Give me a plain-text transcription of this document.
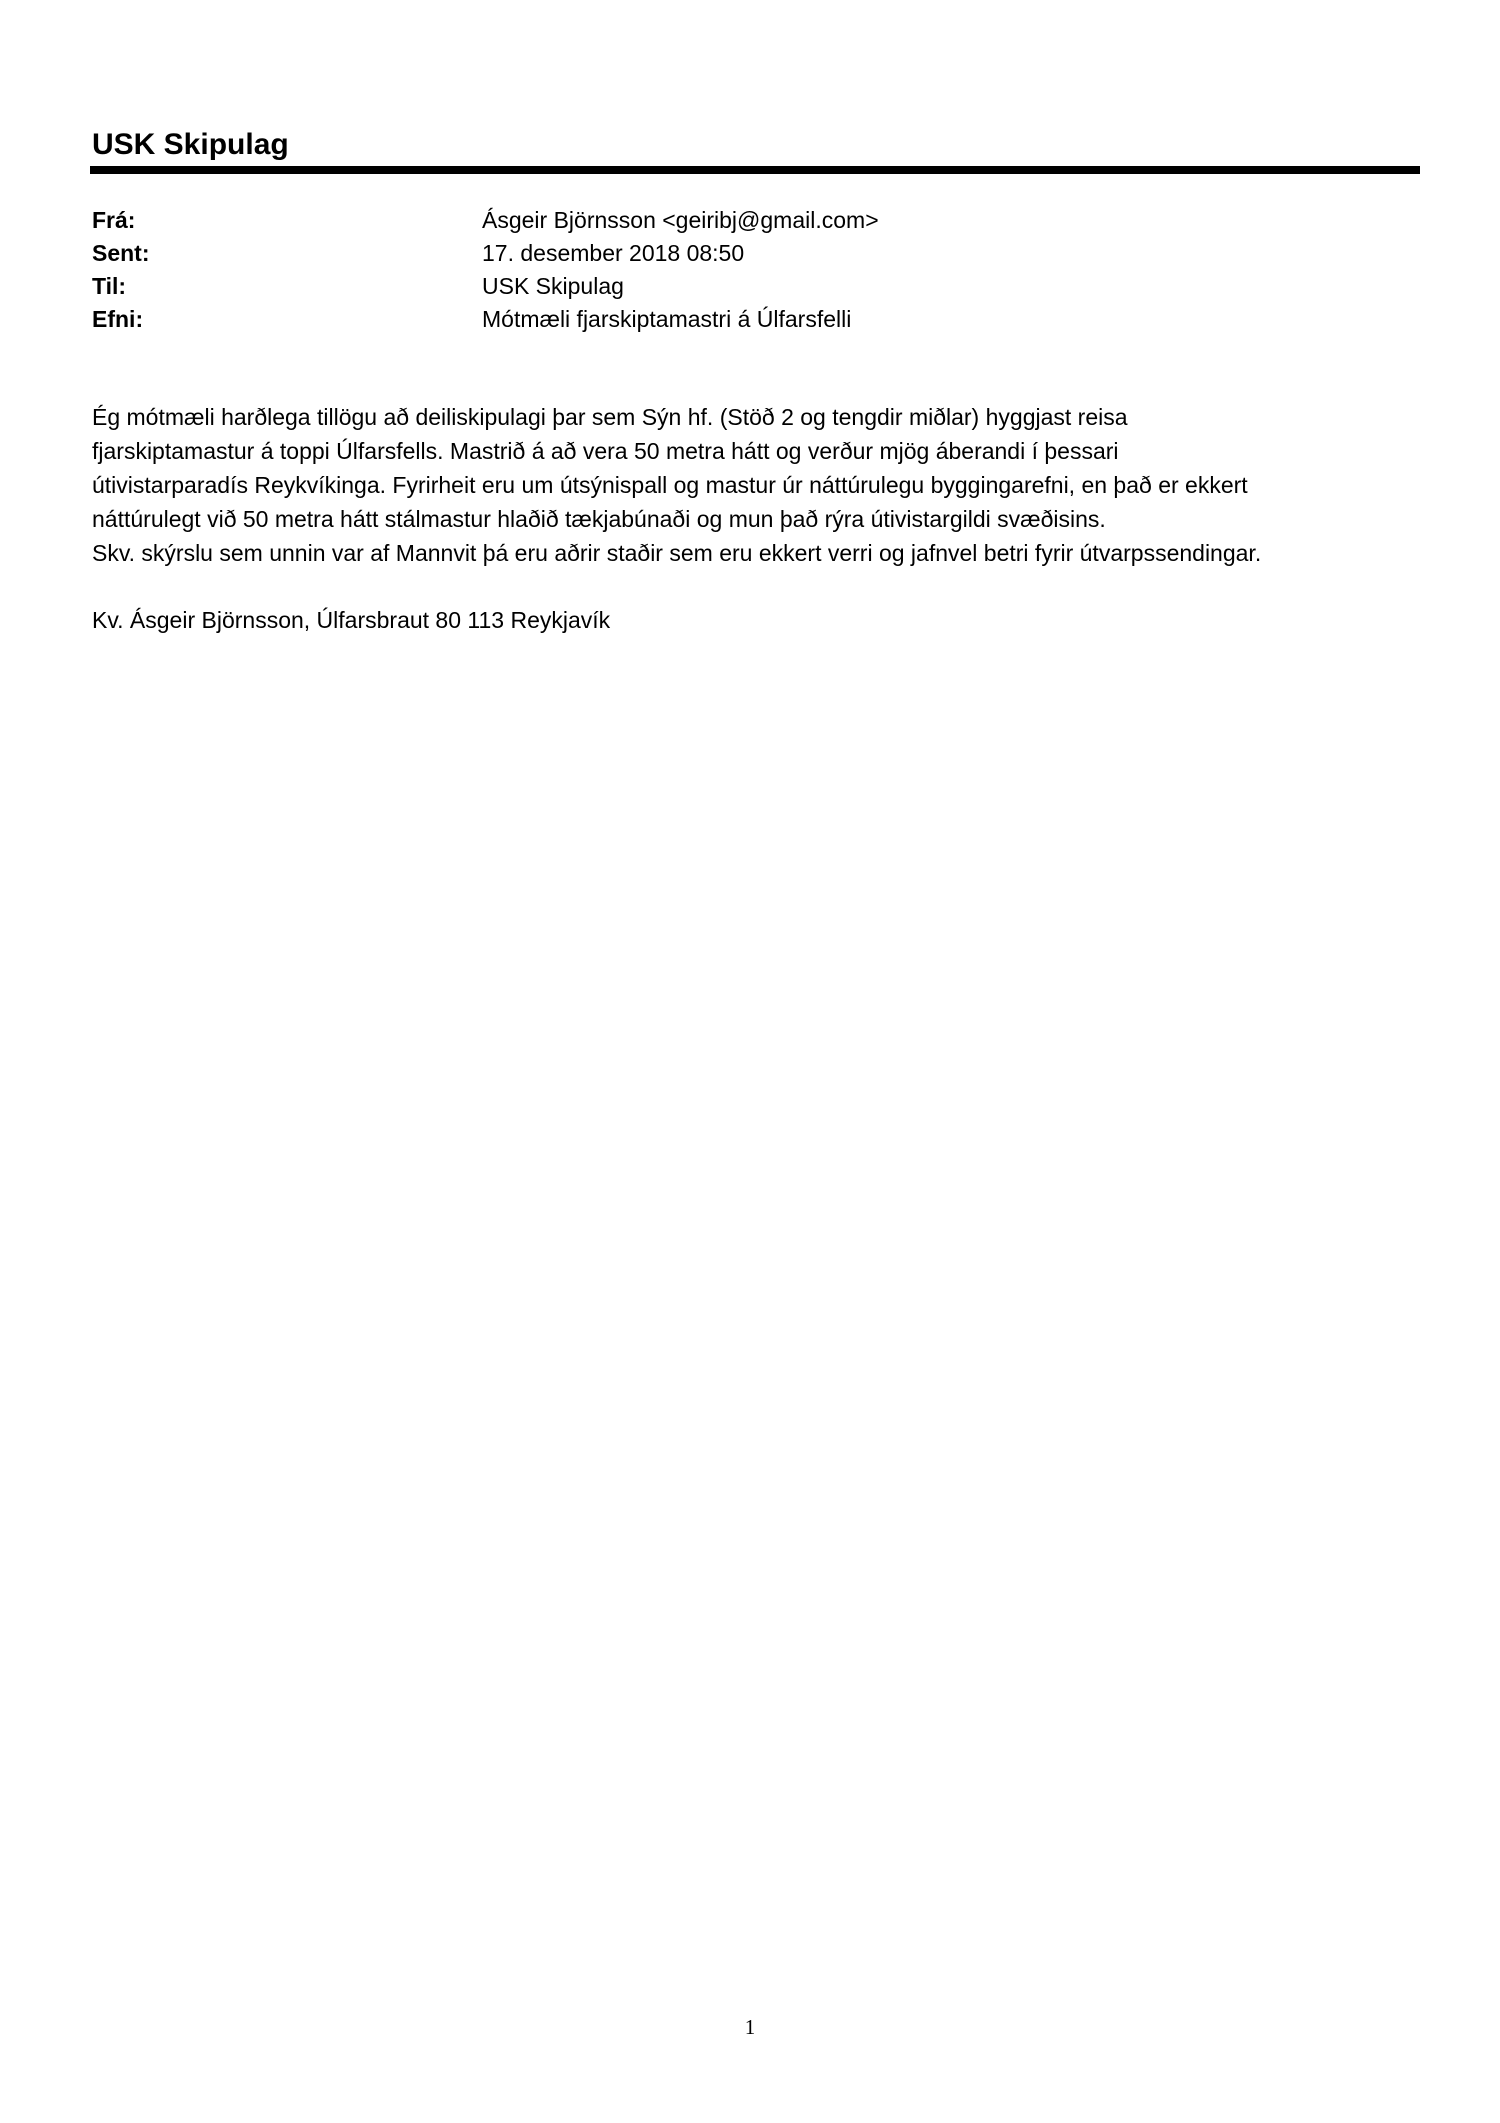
USK Skipulag
Frá:	Ásgeir Björnsson <geiribj@gmail.com>
Sent:	17. desember 2018 08:50
Til:	USK Skipulag
Efni:	Mótmæli fjarskiptamastri á Úlfarsfelli
Ég mótmæli harðlega tillögu að deiliskipulagi þar sem Sýn hf. (Stöð 2 og tengdir miðlar) hyggjast reisa
fjarskiptamastur á toppi Úlfarsfells. Mastrið á að vera 50 metra hátt og verður mjög áberandi í þessari
útivistarparadís Reykvíkinga. Fyrirheit eru um útsýnispall og mastur úr náttúrulegu byggingarefni, en það er ekkert
náttúrulegt við 50 metra hátt stálmastur hlaðið tækjabúnaði og mun það rýra útivistargildi svæðisins.
Skv. skýrslu sem unnin var af Mannvit þá eru aðrir staðir sem eru ekkert verri og jafnvel betri fyrir útvarpssendingar.
Kv. Ásgeir Björnsson, Úlfarsbraut 80 113 Reykjavík
1
